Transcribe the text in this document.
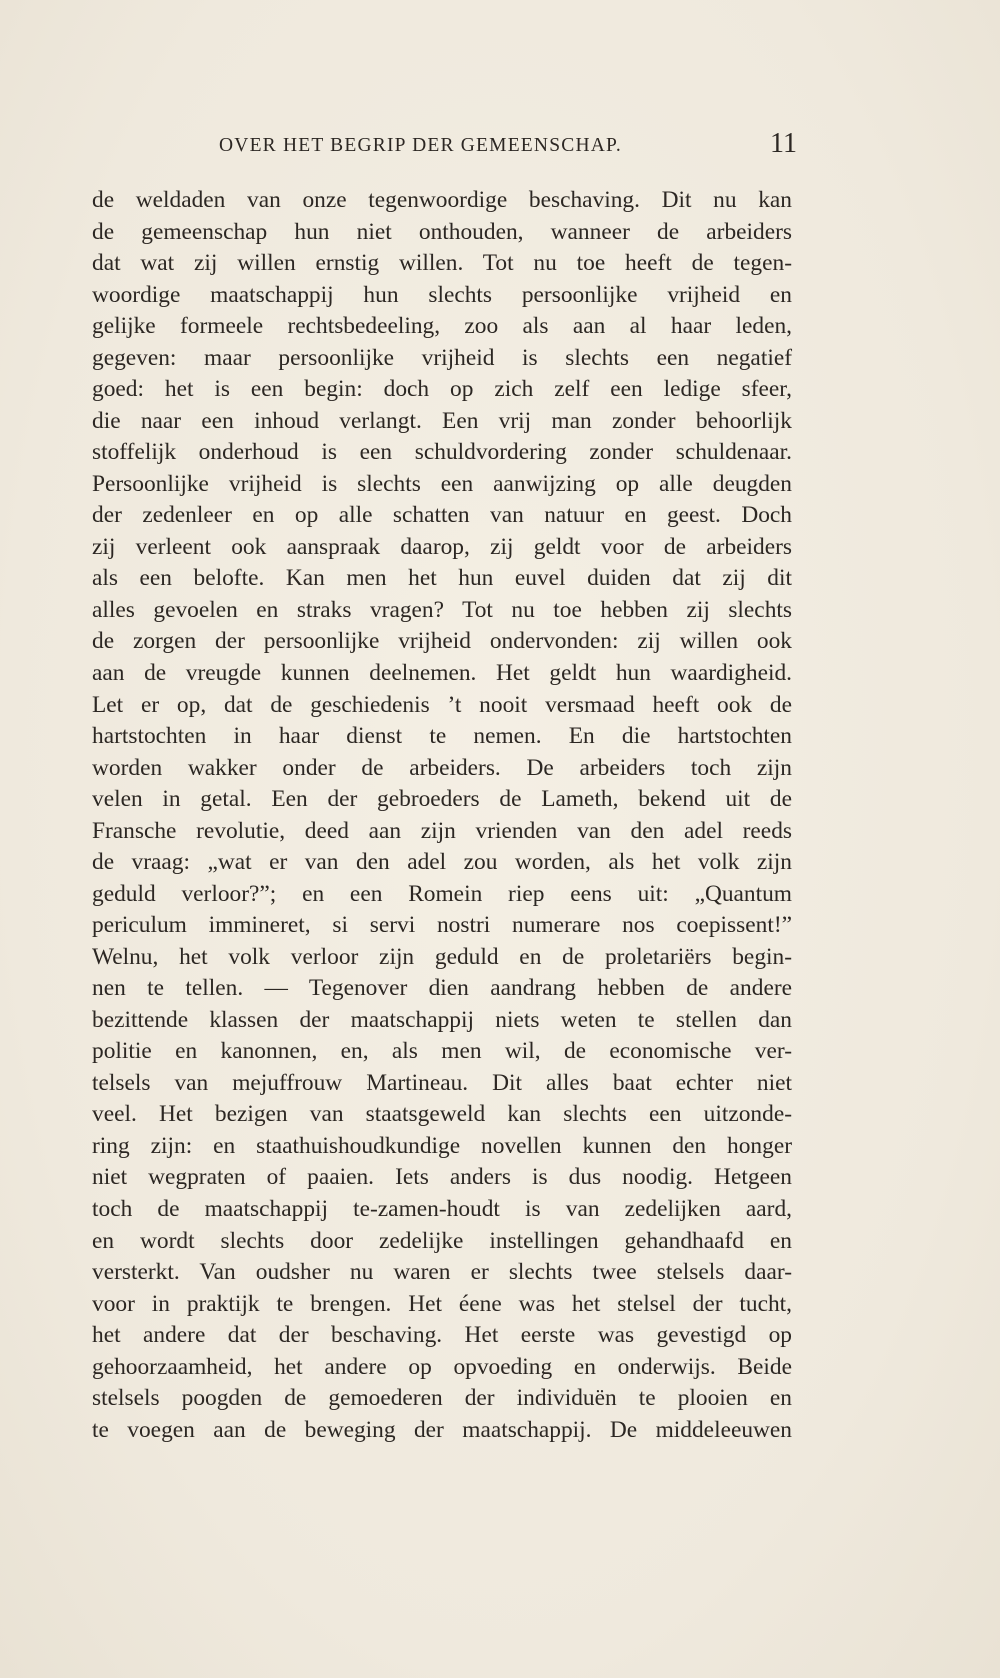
OVER HET BEGRIP DER GEMEENSCHAP.	11
de weldaden van onze tegenwoordige beschaving. Dit nu kan
de gemeenschap hun niet onthouden, wanneer de arbeiders
dat wat zij willen ernstig willen. Tot nu toe heeft de tegen-
woordige maatschappij hun slechts persoonlijke vrijheid en
gelijke formeele rechtsbedeeling, zoo als aan al haar leden,
gegeven: maar persoonlijke vrijheid is slechts een negatief
goed: het is een begin: doch op zich zelf een ledige sfeer,
die naar een inhoud verlangt. Een vrij man zonder behoorlijk
stoffelijk onderhoud is een schuldvordering zonder schuldenaar.
Persoonlijke vrijheid is slechts een aanwijzing op alle deugden
der zedenleer en op alle schatten van natuur en geest. Doch
zij verleent ook aanspraak daarop, zij geldt voor de arbeiders
als een belofte. Kan men het hun euvel duiden dat zij dit
alles gevoelen en straks vragen? Tot nu toe hebben zij slechts
de zorgen der persoonlijke vrijheid ondervonden: zij willen ook
aan de vreugde kunnen deelnemen. Het geldt hun waardigheid.
Let er op, dat de geschiedenis ’t nooit versmaad heeft ook de
hartstochten in haar dienst te nemen. En die hartstochten
worden wakker onder de arbeiders. De arbeiders toch zijn
velen in getal. Een der gebroeders de Lameth, bekend uit de
Fransche revolutie, deed aan zijn vrienden van den adel reeds
de vraag: „wat er van den adel zou worden, als het volk zijn
geduld verloor?”; en een Romein riep eens uit: „Quantum
periculum immineret, si servi nostri numerare nos coepissent!”
Welnu, het volk verloor zijn geduld en de proletariërs begin-
nen te tellen. — Tegenover dien aandrang hebben de andere
bezittende klassen der maatschappij niets weten te stellen dan
politie en kanonnen, en, als men wil, de economische ver-
telsels van mejuffrouw Martineau. Dit alles baat echter niet
veel. Het bezigen van staatsgeweld kan slechts een uitzonde-
ring zijn: en staathuishoudkundige novellen kunnen den honger
niet wegpraten of paaien. Iets anders is dus noodig. Hetgeen
toch de maatschappij te-zamen-houdt is van zedelijken aard,
en wordt slechts door zedelijke instellingen gehandhaafd en
versterkt. Van oudsher nu waren er slechts twee stelsels daar-
voor in praktijk te brengen. Het éene was het stelsel der tucht,
het andere dat der beschaving. Het eerste was gevestigd op
gehoorzaamheid, het andere op opvoeding en onderwijs. Beide
stelsels poogden de gemoederen der individuën te plooien en
te voegen aan de beweging der maatschappij. De middeleeuwen
